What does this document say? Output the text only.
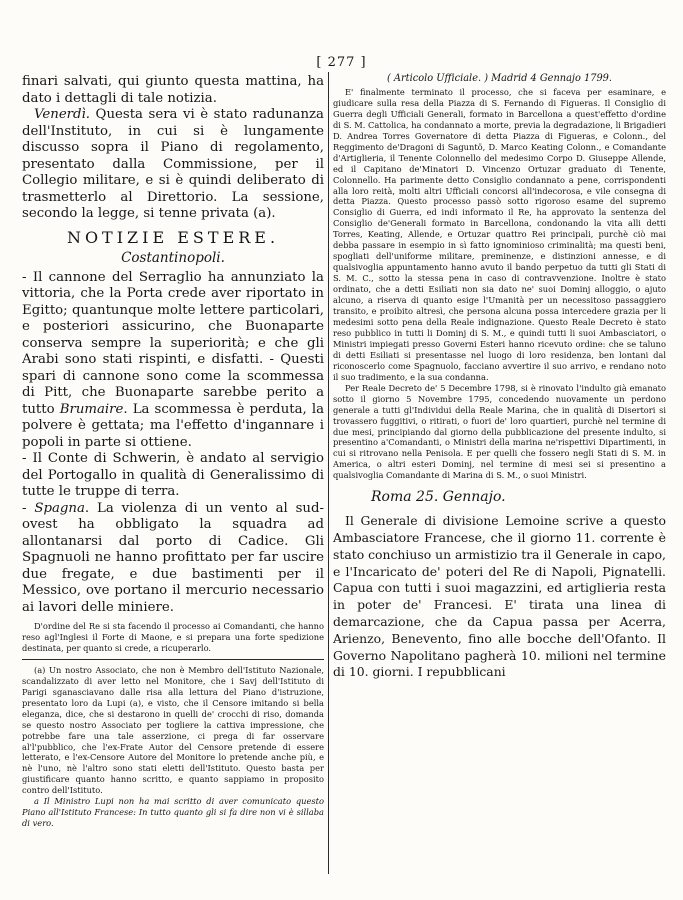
[ 277 ]

finari salvati, qui giunto questa mattina, ha dato i dettagli di tale notizia.

Venerdì. Questa sera vi è stato radunanza dell'Instituto, in cui si è lungamente discusso sopra il Piano di regolamento, presentato dalla Commissione, per il Collegio militare, e si è quindi deliberato di trasmetterlo al Direttorio. La sessione, secondo la legge, si tenne privata (a).

NOTIZIE ESTERE.
Costantinopoli.

- Il cannone del Serraglio ha annunziato la vittoria, che la Porta crede aver riportato in Egitto; quantunque molte lettere particolari, e posteriori assicurino, che Buonaparte conserva sempre la superiorità; e che gli Arabi sono stati rispinti, e disfatti. - Questi spari di cannone sono come la scommessa di Pitt, che Buonaparte sarebbe perito a tutto Brumaire. La scommessa è perduta, la polvere è gettata; ma l'effetto d'ingannare i popoli in parte si ottiene.

- Il Conte di Schwerin, è andato al servigio del Portogallo in qualità di Generalissimo di tutte le truppe di terra.

- Spagna. La violenza di un vento al sud-ovest ha obbligato la squadra ad allontanarsi dal porto di Cadice. Gli Spagnuoli ne hanno profittato per far uscire due fregate, e due bastimenti per il Messico, ove portano il mercurio necessario ai lavori delle miniere.

D'ordine del Re si sta facendo il processo ai Comandanti, che hanno reso agl'Inglesi il Forte di Maone, e si prepara una forte spedizione destinata, per quanto si crede, a ricuperarlo.

(a) Un nostro Associato, che non è Membro dell'Istituto Nazionale, scandalizzato di aver letto nel Monitore, che i Savj dell'Istituto di Parigi sganasciavano dalle risa alla lettura del Piano d'istruzione, presentato loro da Lupi (a), e visto, che il Censore imitando si bella eleganza, dice, che si destarono in quelli de' crocchi di riso, domanda se questo nostro Associato per togliere la cattiva impressione, che potrebbe fare una tale asserzione, ci prega di far osservare al'l'pubblico, che l'ex-Frate Autor del Censore pretende di essere letterato, e l'ex-Censore Autore del Monitore lo pretende anche più, e nè l'uno, nè l'altro sono stati eletti dell'Istituto. Questo basta per giustificare quanto hanno scritto, e quanto sappiamo in proposito contro dell'Istituto.

a Il Ministro Lupi non ha mai scritto di aver comunicato questo Piano all'Istituto Francese: In tutto quanto gli si fa dire non vi è sillaba di vero.

( Articolo Ufficiale. ) Madrid 4 Gennajo 1799.

E' finalmente terminato il processo, che si faceva per esaminare, e giudicare sulla resa della Piazza di S. Fernando di Figueras. Il Consiglio di Guerra degli Ufficiali Generali, formato in Barcellona a quest'effetto d'ordine di S. M. Cattolica, ha condannato a morte, previa la degradazione, li Brigadieri D. Andrea Torres Governatore di detta Piazza di Figueras, e Colonn., del Reggimento de'Dragoni di Saguntö, D. Marco Keating Colonn., e Comandante d'Artiglieria, il Tenente Colonnello del medesimo Corpo D. Giuseppe Allende, ed il Capitano de'Minatori D. Vincenzo Ortuzar graduato di Tenente, Colonnello. Ha parimente detto Consiglio condannato a pene, corrispondenti alla loro reità, molti altri Ufficiali concorsi all'indecorosa, e vile consegna di detta Piazza. Questo processo passò sotto rigoroso esame del supremo Consiglio di Guerra, ed indi informato il Re, ha approvato la sentenza del Consiglio de'Generali formato in Barcellona, condonando la vita alli detti Torres, Keating, Allende, e Ortuzar quattro Rei principali, purchè ciò mai debba passare in esempio in sì fatto ignominioso criminalità; ma questi beni, spogliati dell'uniforme militare, preminenze, e distinzioni annesse, e di qualsivoglia appuntamento hanno avuto il bando perpetuo da tutti gli Stati di S. M. C., sotto la stessa pena in caso di contravvenzione. Inoltre è stato ordinato, che a detti Esiliati non sia dato ne' suoi Dominj alloggio, o ajuto alcuno, a riserva di quanto esige l'Umanità per un necessitoso passaggiero transito, e proibito altresì, che persona alcuna possa intercedere grazia per li medesimi sotto pena della Reale indignazione. Questo Reale Decreto è stato reso pubblico in tutti li Dominj di S. M., e quindi tutti li suoi Ambasciatori, o Ministri impiegati presso Governi Esteri hanno ricevuto ordine: che se taluno di detti Esiliati si presentasse nel luogo di loro residenza, ben lontani dal riconoscerlo come Spagnuolo, facciano avvertire il suo arrivo, e rendano noto il suo tradimento, e la sua condanna.

Per Reale Decreto de' 5 Decembre 1798, si è rinovato l'indulto già emanato sotto il giorno 5 Novembre 1795, concedendo nuovamente un perdono generale a tutti gl'Individui della Reale Marina, che in qualità di Disertori si trovassero fuggitivi, o ritirati, o fuori de' loro quartieri, purchè nel termine di due mesi, principiando dal giorno della pubblicazione del presente indulto, si presentino a'Comandanti, o Ministri della marina ne'rispettivi Dipartimenti, in cui si ritrovano nella Penisola. E per quelli che fossero negli Stati di S. M. in America, o altri esteri Dominj, nel termine di mesi sei si presentino a qualsivoglia Comandante di Marina di S. M., o suoi Ministri.

Roma 25. Gennajo.

Il Generale di divisione Lemoine scrive a questo Ambasciatore Francese, che il giorno 11. corrente è stato conchiuso un armistizio tra il Generale in capo, e l'Incaricato de' poteri del Re di Napoli, Pignatelli. Capua con tutti i suoi magazzini, ed artiglieria resta in poter de' Francesi. E' tirata una linea di demarcazione, che da Capua passa per Acerra, Arienzo, Benevento, fino alle bocche dell'Ofanto. Il Governo Napolitano pagherà 10. milioni nel termine di 10. giorni. I repubblicani
